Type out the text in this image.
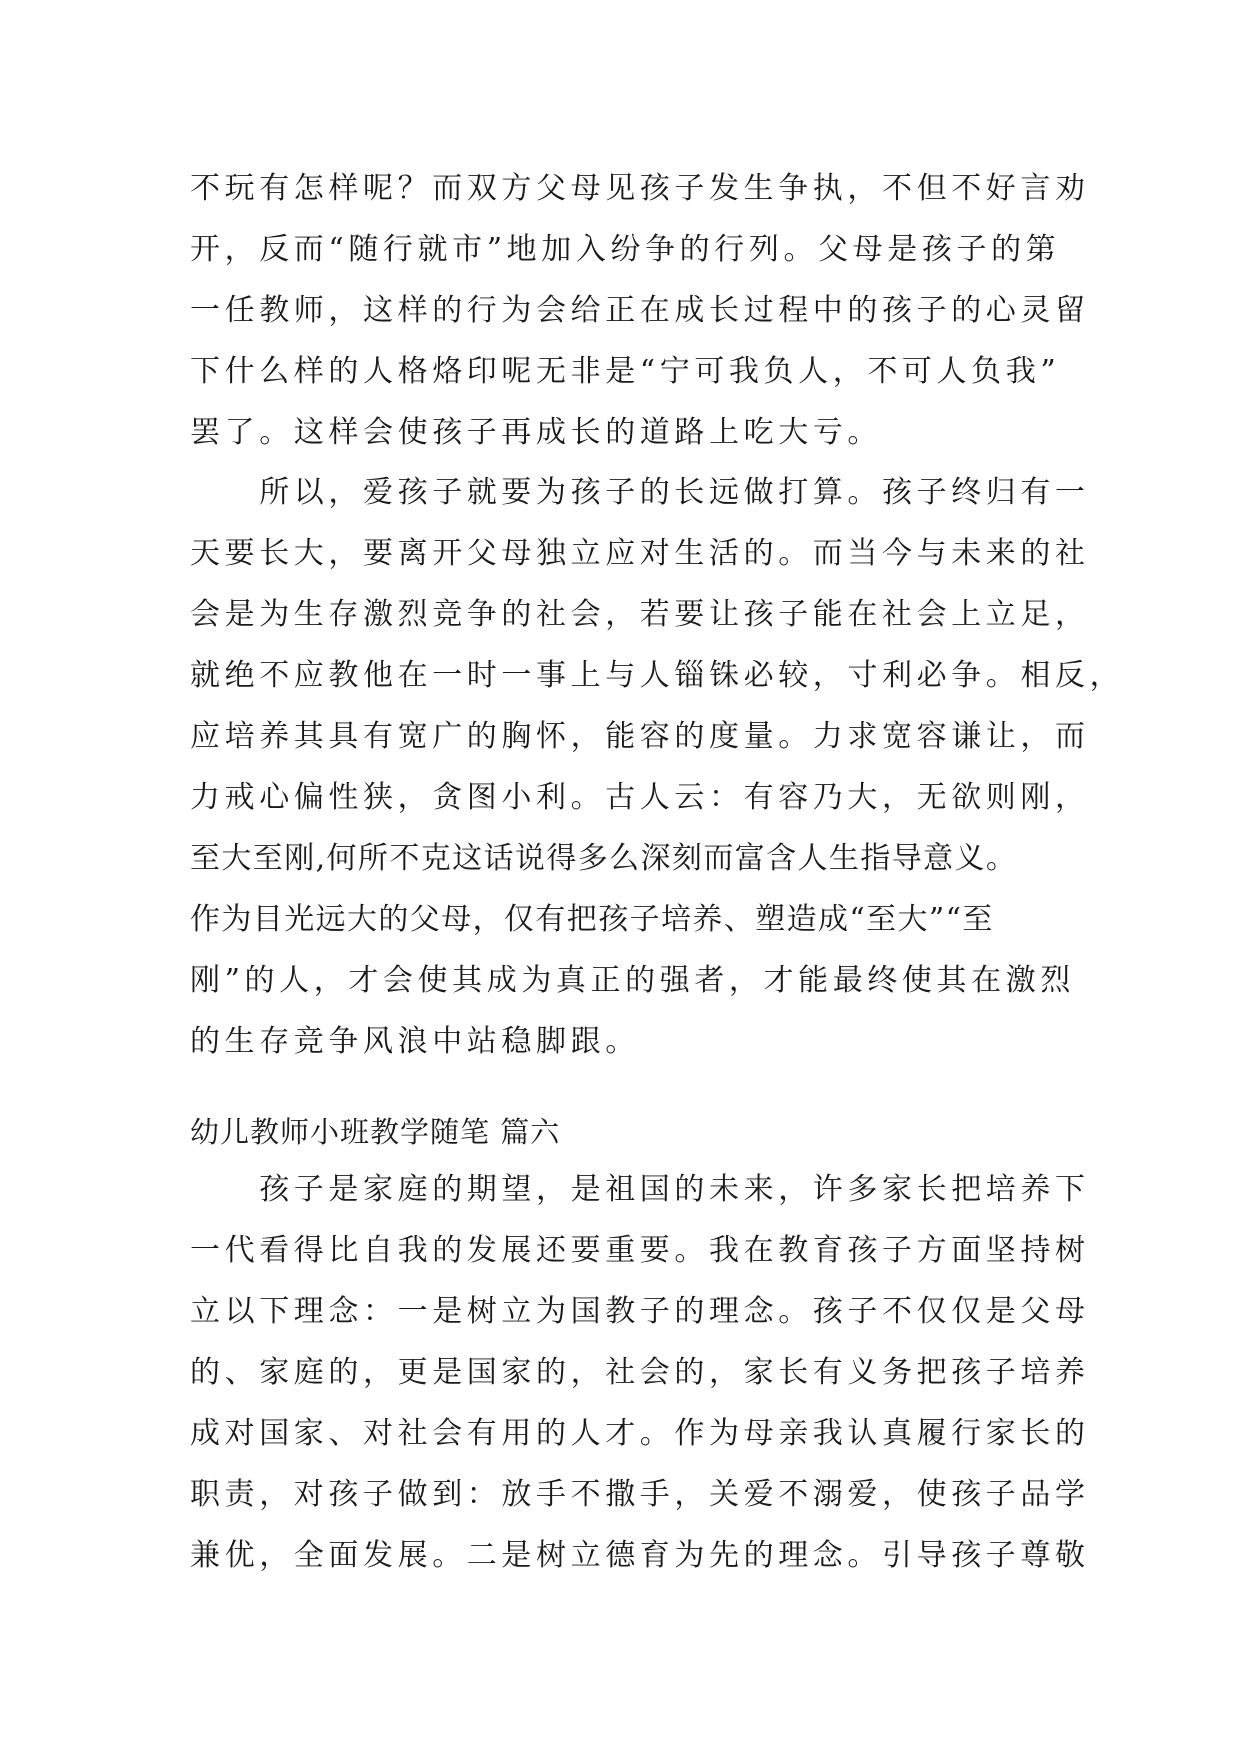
不玩有怎样呢？而双方父母见孩子发生争执，不但不好言劝
开，反而“随行就市”地加入纷争的行列。父母是孩子的第
一任教师，这样的行为会给正在成长过程中的孩子的心灵留
下什么样的人格烙印呢无非是“宁可我负人，不可人负我”
罢了。这样会使孩子再成长的道路上吃大亏。
　　所以，爱孩子就要为孩子的长远做打算。孩子终归有一
天要长大，要离开父母独立应对生活的。而当今与未来的社
会是为生存激烈竞争的社会，若要让孩子能在社会上立足，
就绝不应教他在一时一事上与人锱铢必较，寸利必争。相反，
应培养其具有宽广的胸怀，能容的度量。力求宽容谦让，而
力戒心偏性狭，贪图小利。古人云：有容乃大，无欲则刚，
至大至刚,何所不克这话说得多么深刻而富含人生指导意义。
作为目光远大的父母，仅有把孩子培养、塑造成“至大”“至
刚”的人，才会使其成为真正的强者，才能最终使其在激烈
的生存竞争风浪中站稳脚跟。
幼儿教师小班教学随笔 篇六
　　孩子是家庭的期望，是祖国的未来，许多家长把培养下
一代看得比自我的发展还要重要。我在教育孩子方面坚持树
立以下理念：一是树立为国教子的理念。孩子不仅仅是父母
的、家庭的，更是国家的，社会的，家长有义务把孩子培养
成对国家、对社会有用的人才。作为母亲我认真履行家长的
职责，对孩子做到：放手不撒手，关爱不溺爱，使孩子品学
兼优，全面发展。二是树立德育为先的理念。引导孩子尊敬
